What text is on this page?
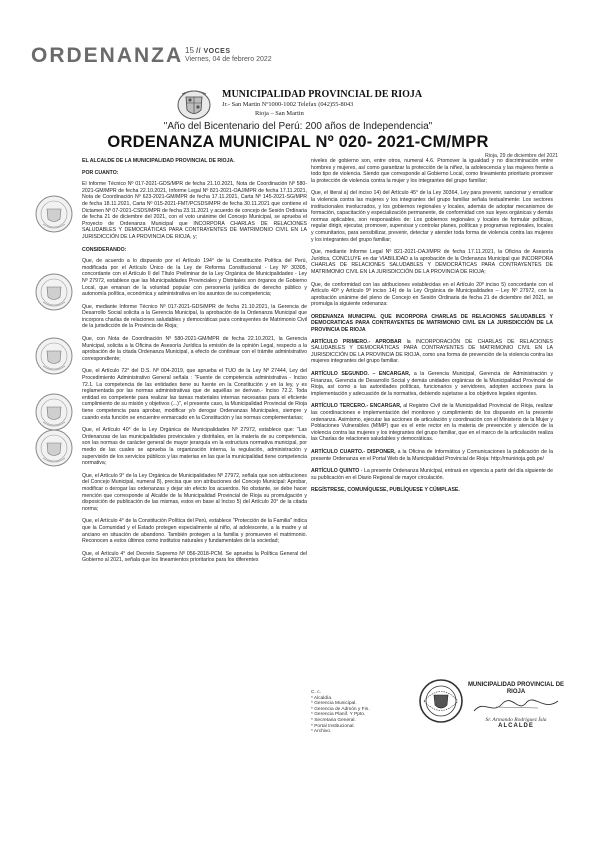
ORDENANZA 15 // VOCES
Viernes, 04 de febrero 2022
MUNICIPALIDAD PROVINCIAL DE RIOJA
Jr.- San Martin Nº1000-1002 Telefax (042)55-8043
Rioja – San Martin
"Año del Bicentenario del Perú: 200 años de Independencia"
ORDENANZA MUNICIPAL Nº 020- 2021-CM/MPR
Rioja, 29 de diciembre del 2021

EL ALCALDE DE LA MUNICIPALIDAD PROVINCIAL DE RIOJA.

POR CUANTO:

El Informe Técnico Nº 017-2021-GDS/MPR de fecha 21.10.2021, Nota de Coordinación Nº 580-2021-GM/MPR de fecha 22.10.2021, Informe Legal Nº 821-2021-OAJ/MPR de fecha 17.11.2021, Nota de Coordinación Nº 623-2021-GM/MPR de fecha 17.11.2021, Carta Nº 145-2021-SG/MPR de fecha 18.11.2021, Carta Nº 015-2021-FMT/PCSDS/MPR de fecha 30.11.2021 que contiene el Dictamen Nº 07-2021-CSDS/MPR de fecha 23.11.2021 y acuerdo de concejo de Sesión Ordinaria de fecha 21 de diciembre del 2021, con el voto unánime del Concejo Municipal, se aprueba el Proyecto de Ordenanza Municipal que INCORPORA CHARLAS DE RELACIONES SALUDABLES Y DEMOCRÁTICAS PARA CONTRAYENTES DE MATRIMONIO CIVIL EN LA JURISDICCIÓN DE LA PROVINCIA DE RIOJA, y;

CONSIDERANDO:

Que, de acuerdo a lo dispuesto por el Artículo 194° de la Constitución Política del Perú, modificada por el Artículo Único de la Ley de Reforma Constitucional - Ley Nº 30305, concordante con el Artículo II del Título Preliminar de la Ley Orgánica de Municipalidades - Ley Nº 27972, establece que las Municipalidades Provinciales y Distritales son órganos de Gobierno Local, que emanan de la voluntad popular con personería jurídica de derecho público y autonomía política, económica y administrativa en los asuntos de su competencia;

Que, mediante Informe Técnico Nº 017-2021-GDS/MPR de fecha 21.10.2021, la Gerencia de Desarrollo Social solicita a la Gerencia Municipal, la aprobación de la Ordenanza Municipal que incorpora charlas de relaciones saludables y democráticas para contrayentes de Matrimonio Civil de la jurisdicción de la Provincia de Rioja;

Que, con Nota de Coordinación Nº 580-2021-GM/MPR de fecha 22.10.2021, la Gerencia Municipal, solicita a la Oficina de Asesoría Jurídica la emisión de la opinión Legal, respecto a la aprobación de la citada Ordenanza Municipal, a efecto de continuar con el trámite administrativo correspondiente;

Que, el Artículo 72° del D.S. Nº 004-2019, que aprueba el TUO de la Ley Nº 27444, Ley del Procedimiento Administrativo General señala : "Fuente de competencia administrativa - Inciso 72.1. La competencia de las entidades tiene su fuente en la Constitución y en la ley, y es reglamentada por las normas administrativas que de aquéllas se derivan.- Inciso 72.2. Toda entidad es competente para realizar las tareas materiales internas necesarias para el eficiente cumplimiento de su misión y objetivos (...)", el presente caso, la Municipalidad Provincial de Rioja tiene competencia para aprobar, modificar y/o derogar Ordenanzas Municipales, siempre y cuando esta función se encuentre enmarcado en la Constitución y las normas complementarias;

Que, el Artículo 40° de la Ley Orgánica de Municipalidades Nº 27972, establece que: "Las Ordenanzas de las municipalidades provinciales y distritales, en la materia de su competencia, son las normas de carácter general de mayor jerarquía en la estructura normativa municipal, por medio de las cuales se aprueba la organización interna, la regulación, administración y supervisión de los servicios públicos y las materias en las que la municipalidad tiene competencia normativa;

Que, el Artículo 9° de la Ley Orgánica de Municipalidades Nº 27972, señala que son atribuciones del Concejo Municipal, numeral 8), precisa que son atribuciones del Concejo Municipal: Aprobar, modificar o derogar las ordenanzas y dejar sin efecto los acuerdos. No obstante, se debe hacer mención que corresponde al Alcalde de la Municipalidad Provincial de Rioja su promulgación y disposición de publicación de las mismas, estos en base al Inciso 5) del Artículo 20° de la citada norma;

Que, el Artículo 4° de la Constitución Política del Perú, establece "Protección de la Familia" indica que la Comunidad y el Estado protegen especialmente al niño, al adolescente, a la madre y al anciano en situación de abandono. También protegen a la familia y promueven el matrimonio. Reconocen a estos últimos como institutos naturales y fundamentales de la sociedad;

Que, el Artículo 4° del Decreto Supremo Nº 056-2018-PCM. Se aprueba la Política General del Gobierno al 2021, señala que los lineamientos prioritarios para los diferentes

niveles de gobierno son, entre otros, numeral 4.6. Promover la igualdad y no discriminación entre hombres y mujeres, así como garantizar la protección de la niñez, la adolescencia y las mujeres frente a todo tipo de violencia. Siendo que corresponde al Gobierno Local, como lineamiento prioritario promover la protección de violencia contra la mujer y los integrantes del grupo familiar;

Que, el literal a) del inciso 14) del Artículo 45° de la Ley 30364, Ley para prevenir, sancionar y erradicar la violencia contra las mujeres y los integrantes del grupo familiar señala textualmente: Los sectores institucionales involucrados, y los gobiernos regionales y locales, además de adoptar mecanismos de formación, capacitación y especialización permanente, de conformidad con sus leyes orgánicas y demás normas aplicables, son responsables de: Los gobiernos regionales y locales de formular políticas, regular dirigir, ejecutar, promover, supervisar y controlar planes, políticas y programas regionales, locales y comunitarios, para sensibilizar, prevenir, detectar y atender toda forma de violencia contra las mujeres y los integrantes del grupo familiar;

Que, mediante Informe Legal Nº 821-2021-OAJ/MPR de fecha 17.11.2021, la Oficina de Asesoría Jurídica, CONCLUYE en dar VIABILIDAD a la aprobación de la Ordenanza Municipal que INCORPORA CHARLAS DE RELACIONES SALUDABLES Y DEMOCRÁTICAS PARA CONTRAYENTES DE MATRIMONIO CIVIL EN LA JURISDICCIÓN DE LA PROVINCIA DE RIOJA;

Que, de conformidad con las atribuciones establecidas en el Artículo 20º inciso 5) concordante con el Artículo 40º y Artículo 9º inciso 14) de la Ley Orgánica de Municipalidades – Ley Nº 27972, con la aprobación unánime del pleno de Concejo en Sesión Ordinaria de fecha 21 de diciembre del 2021, se promulga la siguiente ordenanza:

ORDENANZA MUNICIPAL QUE INCORPORA CHARLAS DE RELACIONES SALUDABLES Y DEMOCRATICAS PARA CONTRAYENTES DE MATRIMONIO CIVIL EN LA JURISDICCIÓN DE LA PROVINCIA DE RIOJA

ARTÍCULO PRIMERO.- APROBAR la INCORPORACIÓN DE CHARLAS DE RELACIONES SALUDABLES Y DEMOCRÁTICAS PARA CONTRAYENTES DE MATRIMONIO CIVIL EN LA JURISDICCIÓN DE LA PROVINCIA DE RIOJA, como una forma de prevención de la violencia contra las mujeres integrantes del grupo familiar.

ARTÍCULO SEGUNDO. – ENCARGAR, a la Gerencia Municipal, Gerencia de Administración y Finanzas, Gerencia de Desarrollo Social y demás unidades orgánicas de la Municipalidad Provincial de Rioja, así como a las autoridades políticas, funcionarios y servidores, adopten acciones para la implementación y adecuación de la normativa, debiendo sujetarse a los objetivos legales vigentes.

ARTÍCULO TERCERO.- ENCARGAR, al Registro Civil de la Municipalidad Provincial de Rioja, realizar las coordinaciones e implementación del monitoreo y cumplimiento de los dispuesto en la presente ordenanza. Asimismo, ejecutar las acciones de articulación y coordinación con el Ministerio de la Mujer y Poblaciones Vulnerables (MIMP) que es el ente rector en la materia de prevención y atención de la violencia contra las mujeres y los integrantes del grupo familiar, que en el marco de la articulación realiza las Charlas de relaciones saludables y democráticas.

ARTÍCULO CUARTO.- DISPONER, a la Oficina de Informática y Comunicaciones la publicación de la presente Ordenanza en el Portal Web de la Municipalidad Provincial de Rioja: http://munirioja.gob.pe/

ARTÍCULO QUINTO - La presente Ordenanza Municipal, entrará en vigencia a partir del día siguiente de su publicación en el Diario Regional de mayor circulación.

REGÍSTRESE, COMUNÍQUESE, PUBLÍQUESE Y CÚMPLASE.

C. c.
* Alcaldía.
* Gerencia Municipal.
* Gerencia de Admón y Fin.
* Gerencia Planif. Y Ppto.
* Secretaria General.
* Portal Institucional.
* Archivo.
MUNICIPALIDAD PROVINCIAL DE RIOJA
Sr. Armando Rodríguez Ísla
ALCALDE
